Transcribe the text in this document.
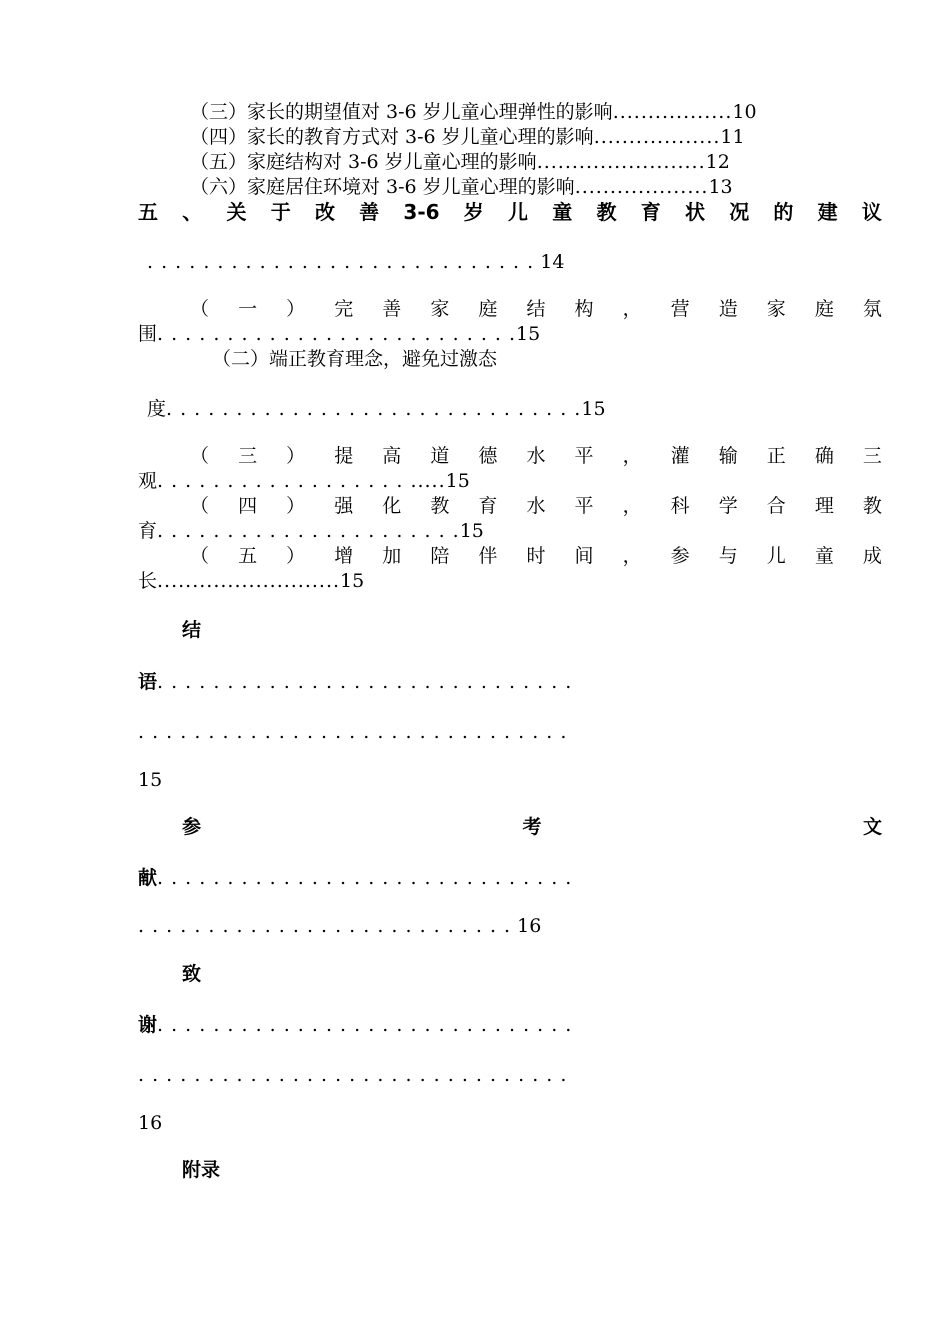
（三）家长的期望值对 3-6 岁儿童心理弹性的影响.................10
（四）家长的教育方式对 3-6 岁儿童心理的影响..................11
（五）家庭结构对 3-6 岁儿童心理的影响........................12
（六）家庭居住环境对 3-6 岁儿童心理的影响...................13
五 、 关 于 改 善 3-6 岁 儿 童 教 育 状 况 的 建 议
. . . . . . . . . . . . . . . . . . . . . . . . . . . . 14
（ 一 ） 完 善 家 庭 结 构 ， 营 造 家 庭 氛
围. . . . . . . . . . . . . . . . . . . . . . . . . .15
（二）端正教育理念，避免过激态
度. . . . . . . . . . . . . . . . . . . . . . . . . . . . . .15
（ 三 ） 提 高 道 德 水 平 ， 灌 输 正 确 三
观. . . . . . . . . . . . . . . . . . .....15
（ 四 ） 强 化 教 育 水 平 ， 科 学 合 理 教
育. . . . . . . . . . . . . . . . . . . . . .15
（ 五 ） 增 加 陪 伴 时 间 ， 参 与 儿 童 成
长..........................15
结
语. . . . . . . . . . . . . . . . . . . . . . . . . . . . . .
. . . . . . . . . . . . . . . . . . . . . . . . . . . . . . .
15
参	考	文
献. . . . . . . . . . . . . . . . . . . . . . . . . . . . . .
. . . . . . . . . . . . . . . . . . . . . . . . . . . 16
致
谢. . . . . . . . . . . . . . . . . . . . . . . . . . . . . .
. . . . . . . . . . . . . . . . . . . . . . . . . . . . . . .
16
附录
